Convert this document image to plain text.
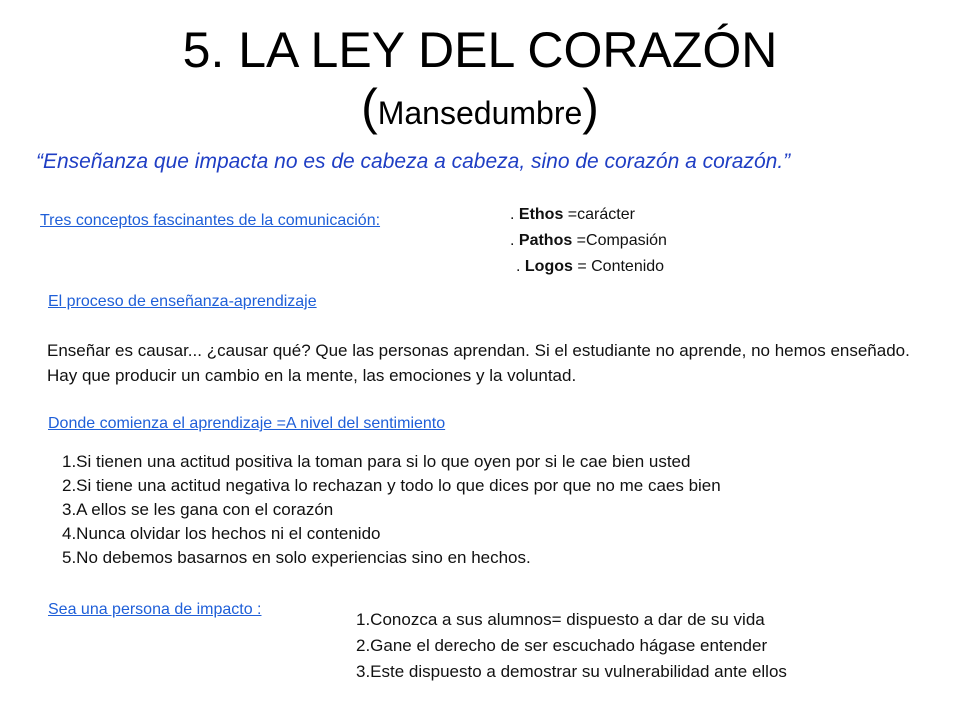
5. LA LEY DEL CORAZÓN
(Mansedumbre)
“Enseñanza que impacta no es de cabeza a cabeza, sino de corazón a corazón.”
Tres conceptos fascinantes de la comunicación:	. Ethos =carácter
. Pathos =Compasión
. Logos = Contenido
El proceso de enseñanza-aprendizaje
Enseñar es causar... ¿causar qué? Que las personas aprendan. Si el estudiante no aprende, no hemos enseñado. Hay que producir un cambio en la mente, las emociones y la voluntad.
Donde comienza el aprendizaje =A nivel del sentimiento
1.Si tienen una actitud positiva la toman para si lo que oyen por si le cae bien usted
2.Si tiene una actitud negativa lo rechazan y todo lo que dices por que no me caes bien
3.A ellos se les gana con el corazón
4.Nunca olvidar los hechos ni el contenido
5.No debemos basarnos en solo experiencias sino en hechos.
Sea una persona de impacto :
1.Conozca a sus alumnos= dispuesto a dar de su vida
2.Gane el derecho de ser escuchado hágase entender
3.Este dispuesto a demostrar su vulnerabilidad ante ellos
